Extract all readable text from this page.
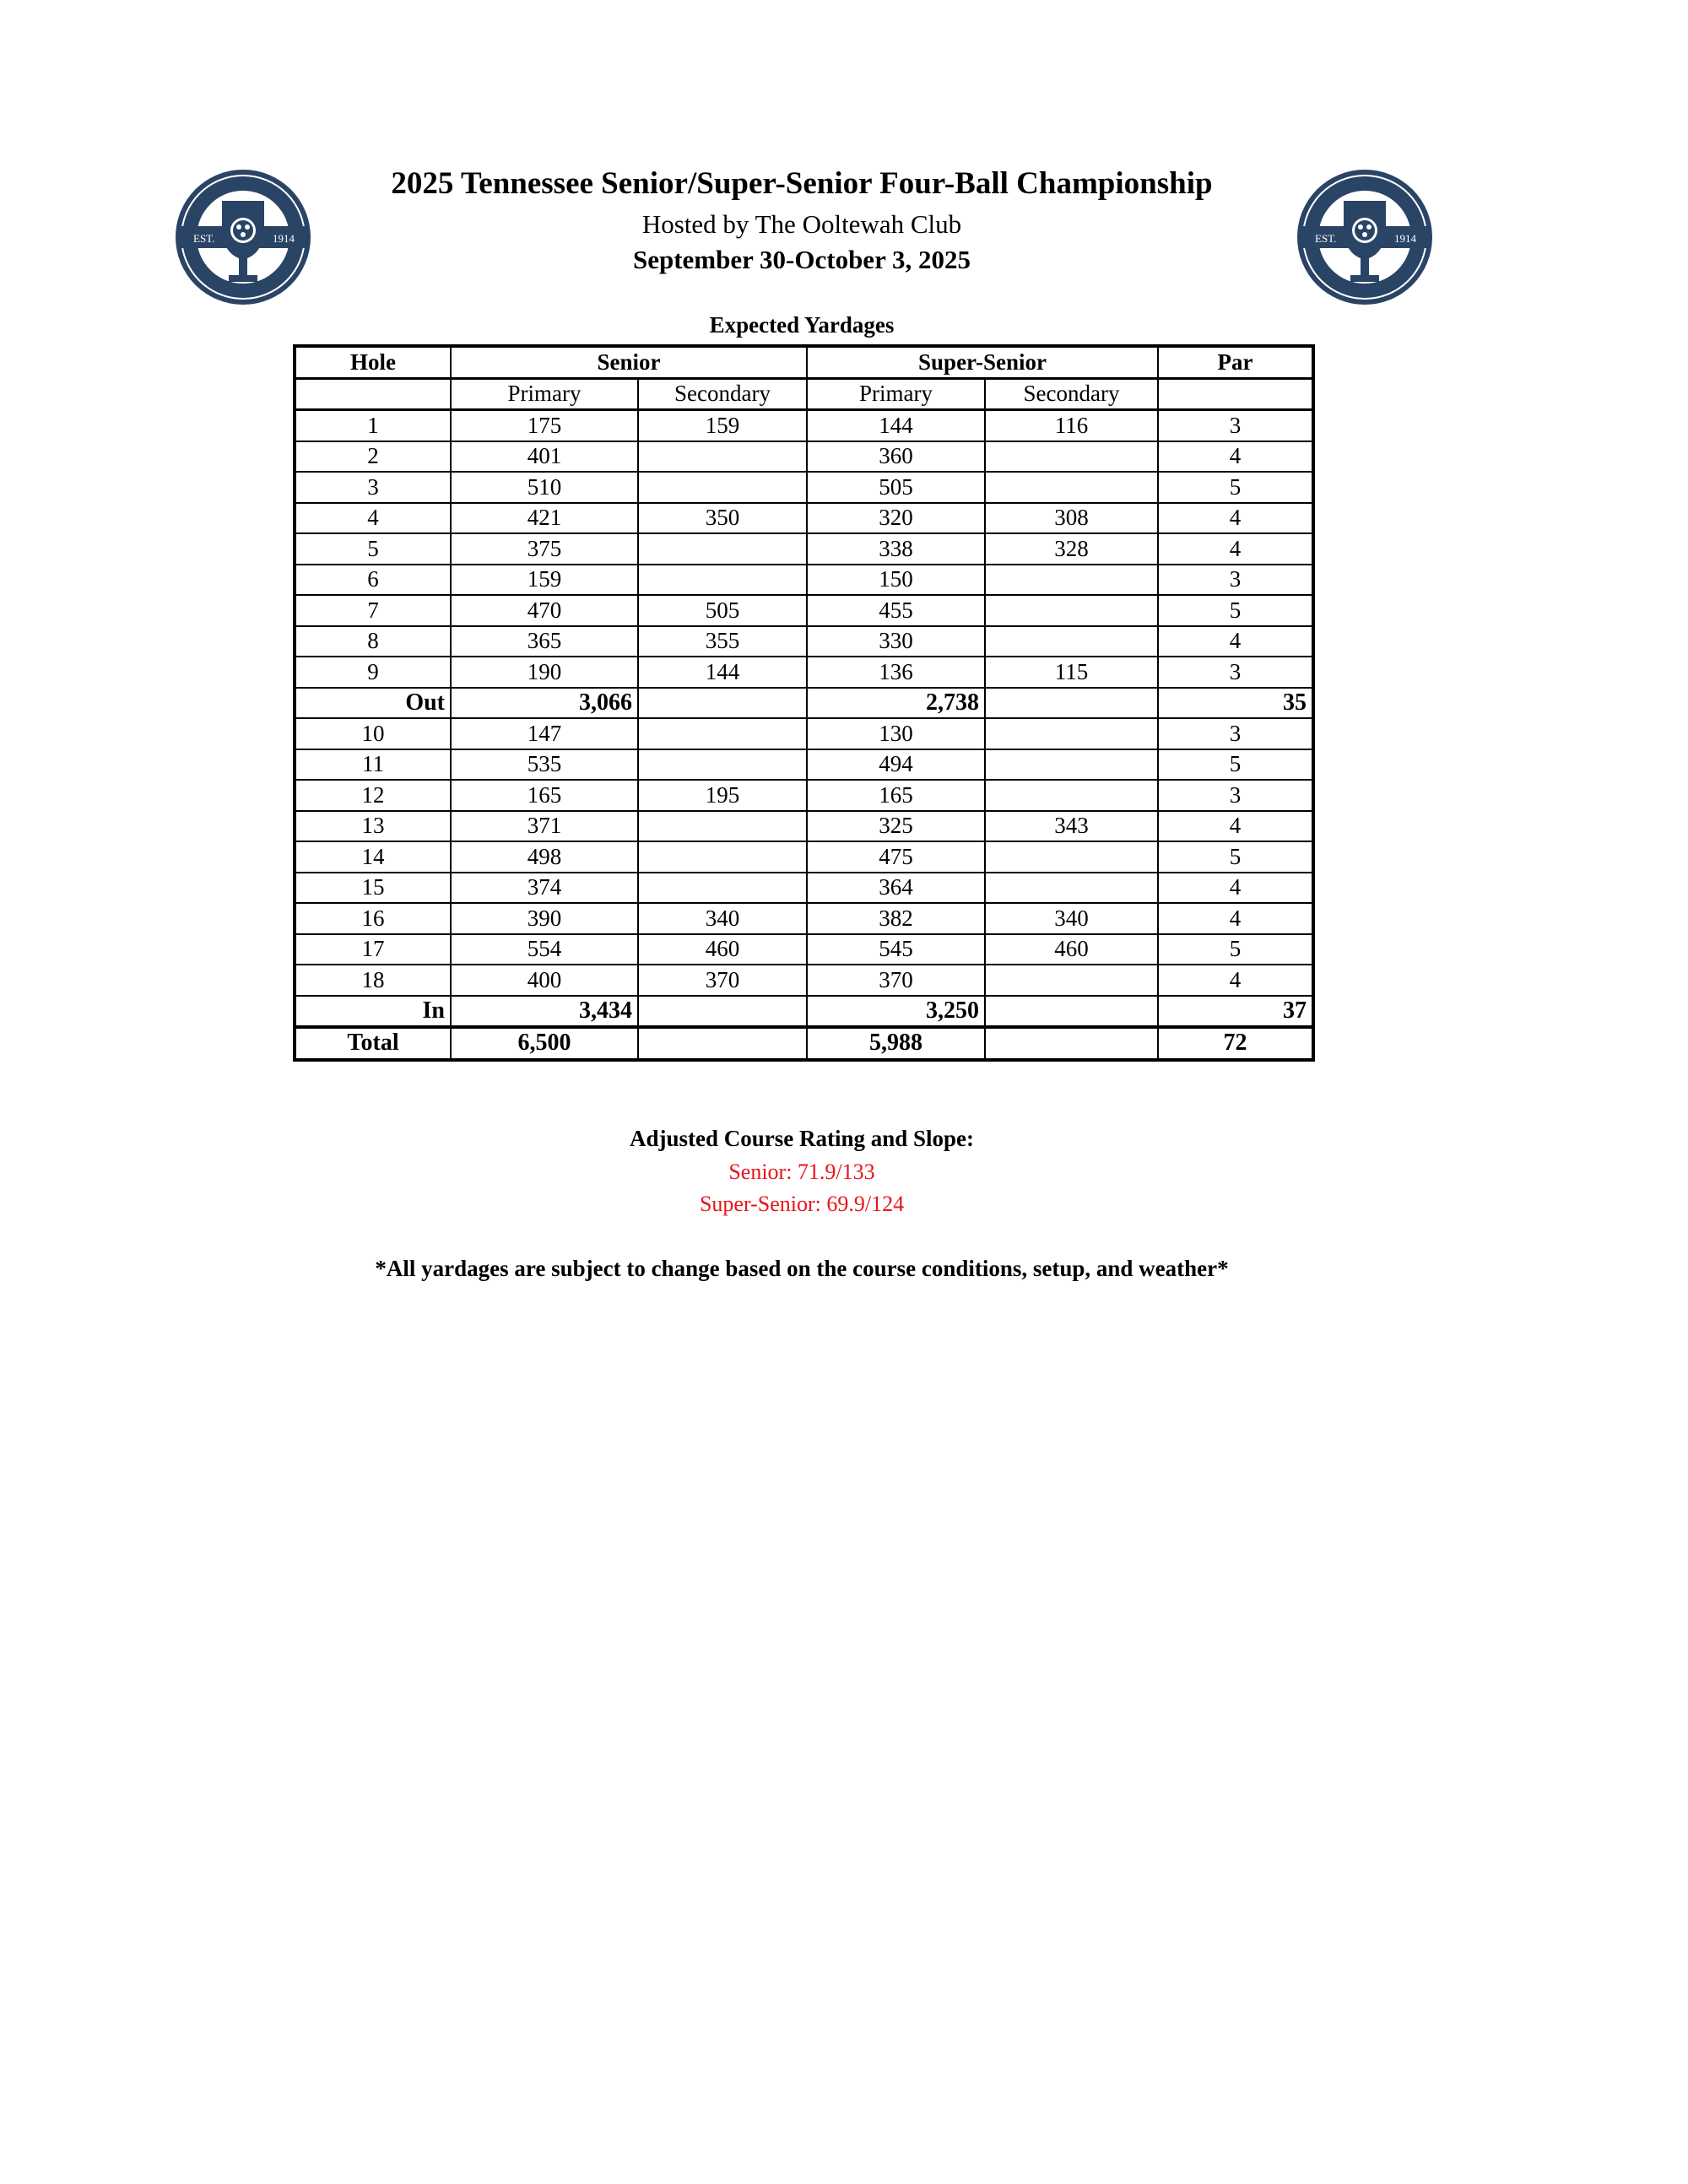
EST.	1914	EST.	1914
2025 Tennessee Senior/Super-Senior Four-Ball Championship
Hosted by The Ooltewah Club
September 30-October 3, 2025
Expected Yardages
Hole	Senior		Super-Senior		Par
	Primary	Secondary	Primary	Secondary	
1	175	159	144	116	3
2	401		360		4
3	510		505		5
4	421	350	320	308	4
5	375		338	328	4
6	159		150		3
7	470	505	455		5
8	365	355	330		4
9	190	144	136	115	3
Out	3,066		2,738		35
10	147		130		3
11	535		494		5
12	165	195	165		3
13	371		325	343	4
14	498		475		5
15	374		364		4
16	390	340	382	340	4
17	554	460	545	460	5
18	400	370	370		4
In	3,434		3,250		37
Total	6,500		5,988		72
Adjusted Course Rating and Slope:
Senior: 71.9/133
Super-Senior: 69.9/124
*All yardages are subject to change based on the course conditions, setup, and weather*
